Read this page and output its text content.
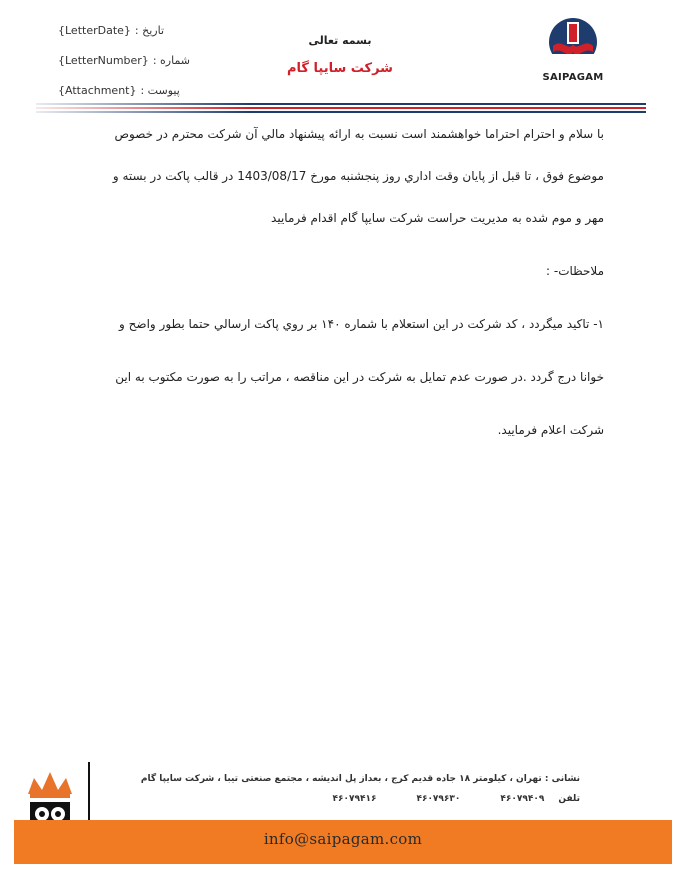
تاریخ :
{LetterDate}
شماره :
{LetterNumber}
پیوست :
{Attachment}
بسمه تعالی
شرکت سایپا گام
SAIPAGAM
با سلام و احترام احتراما خواهشمند است نسبت به ارائه پیشنهاد مالي آن شرکت محترم در خصوص
موضوع فوق ، تا قبل از پايان وقت اداري روز پنجشنبه مورخ 1403/08/17 در قالب پاکت در بسته و
مهر و موم شده به مديريت حراست شرکت سايپا گام اقدام فرماييد
ملاحظات- :
۱- تاکيد ميگردد ، کد شرکت در اين استعلام با شماره ۱۴۰ بر روي پاکت ارسالي حتما بطور واضح و
خوانا درج گردد .در صورت عدم تمايل به شرکت در اين مناقصه ، مراتب را به صورت مکتوب به اين
شرکت اعلام فرماييد.
نشانی : تهران ، کیلومتر ۱۸ جاده قدیم کرج ، بعداز پل اندیشه ، مجتمع صنعتی تیبا ، شرکت سایپا گام
تلفن
۴۶۰۷۹۴۰۹
۴۶۰۷۹۶۳۰
۴۶۰۷۹۴۱۶
info@saipagam.com
